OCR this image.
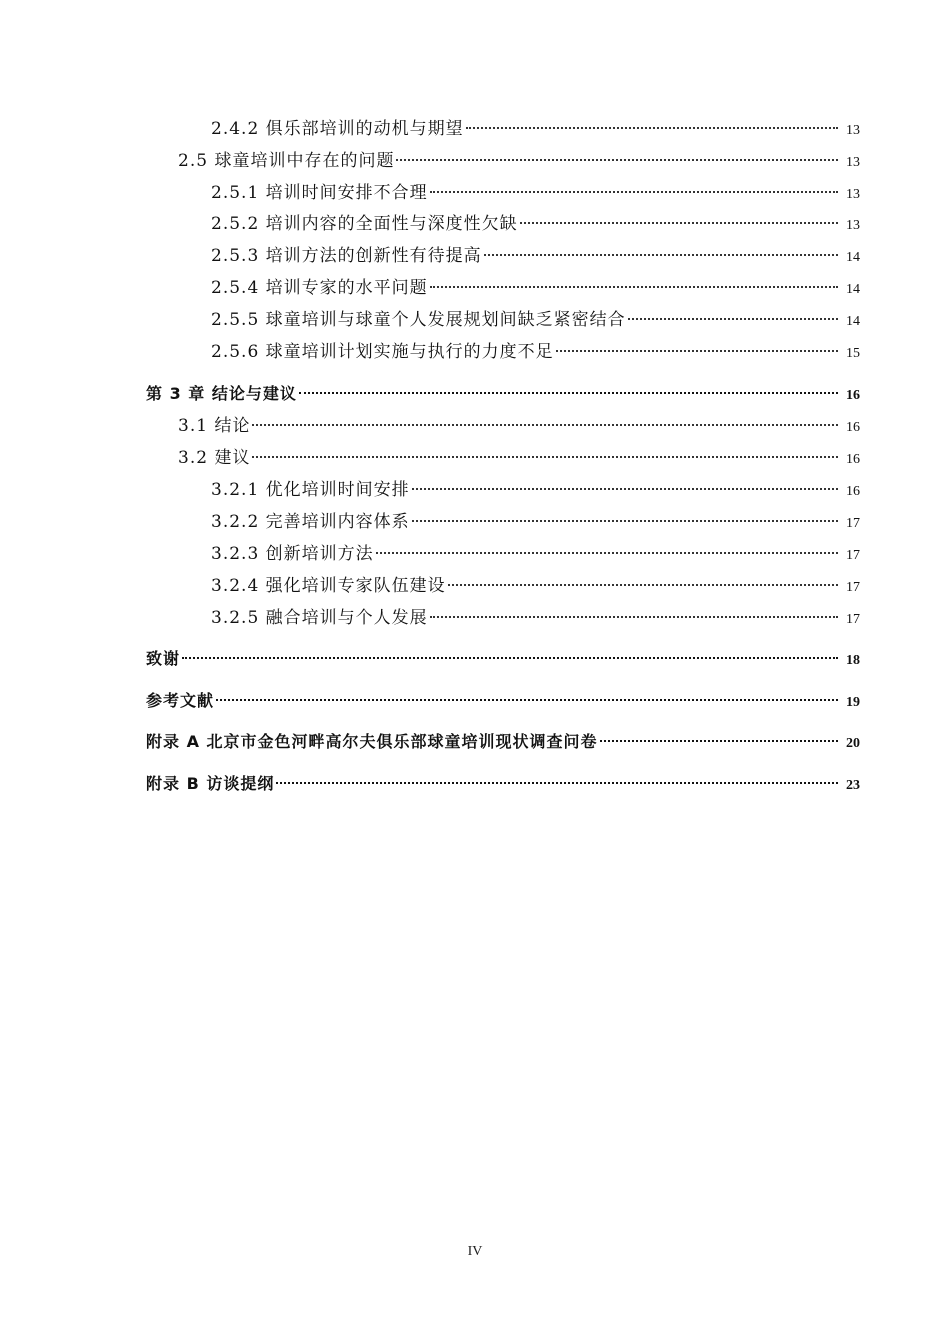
2.4.2 俱乐部培训的动机与期望	13
2.5 球童培训中存在的问题	13
2.5.1 培训时间安排不合理	13
2.5.2 培训内容的全面性与深度性欠缺	13
2.5.3 培训方法的创新性有待提高	14
2.5.4 培训专家的水平问题	14
2.5.5 球童培训与球童个人发展规划间缺乏紧密结合	14
2.5.6 球童培训计划实施与执行的力度不足	15
第 3 章 结论与建议	16
3.1 结论	16
3.2 建议	16
3.2.1 优化培训时间安排	16
3.2.2 完善培训内容体系	17
3.2.3 创新培训方法	17
3.2.4 强化培训专家队伍建设	17
3.2.5 融合培训与个人发展	17
致谢	18
参考文献	19
附录 A 北京市金色河畔高尔夫俱乐部球童培训现状调查问卷	20
附录 B 访谈提纲	23
IV
